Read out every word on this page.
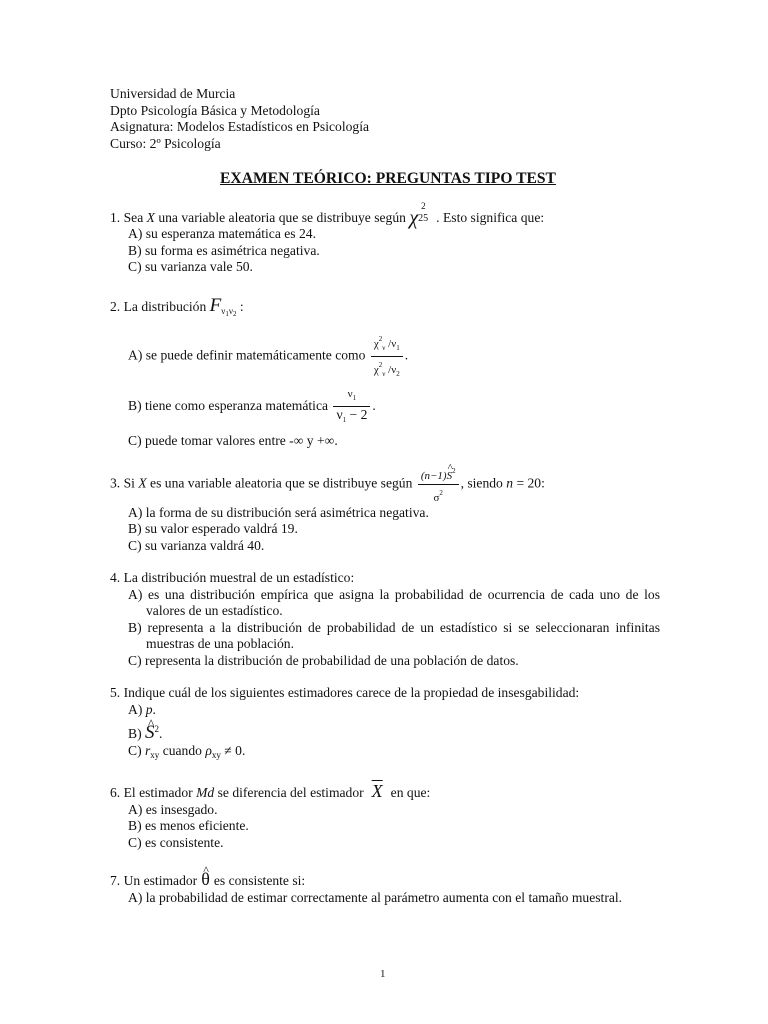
Universidad de Murcia
Dpto Psicología Básica y Metodología
Asignatura: Modelos Estadísticos en Psicología
Curso: 2º Psicología
EXAMEN TEÓRICO: PREGUNTAS TIPO TEST
1. Sea X una variable aleatoria que se distribuye según χ
2
25 . Esto significa que:
A) su esperanza matemática es 24.
B) su forma es asimétrica negativa.
C) su varianza vale 50.
2. La distribución $F_{\nu 1\nu 2}$ :
A) se puede definir matemáticamente como $\frac{\chi^2_\nu /\nu_1}{\chi^2_\nu /\nu_2}$ .
B) tiene como esperanza matemática $\frac{\nu_1}{\nu_1 - 2}$ .
C) puede tomar valores entre -∞ y +∞.
3. Si X es una variable aleatoria que se distribuye según $\frac{(n-1)\^{} S^2}{\sigma^2}$ , siendo n = 20:
A) la forma de su distribución será asimétrica negativa.
B) su valor esperado valdrá 19.
C) su varianza valdrá 40.
4. La distribución muestral de un estadístico:
A) es una distribución empírica que asigna la probabilidad de ocurrencia de cada uno de los valores de un estadístico.
B) representa a la distribución de probabilidad de un estadístico si se seleccionaran infinitas muestras de una población.
C) representa la distribución de probabilidad de una población de datos.
5. Indique cuál de los siguientes estimadores carece de la propiedad de insesgabilidad:
A) p.
B) ^ $S^2$.
C) $r_{xy}$ cuando $\rho_{xy} \ne 0$.
6. El estimador Md se diferencia del estimador $\overline{X}$ en que:
A) es insesgado.
B) es menos eficiente.
C) es consistente.
7. Un estimador ^ θ es consistente si:
A) la probabilidad de estimar correctamente al parámetro aumenta con el tamaño muestral.
1
